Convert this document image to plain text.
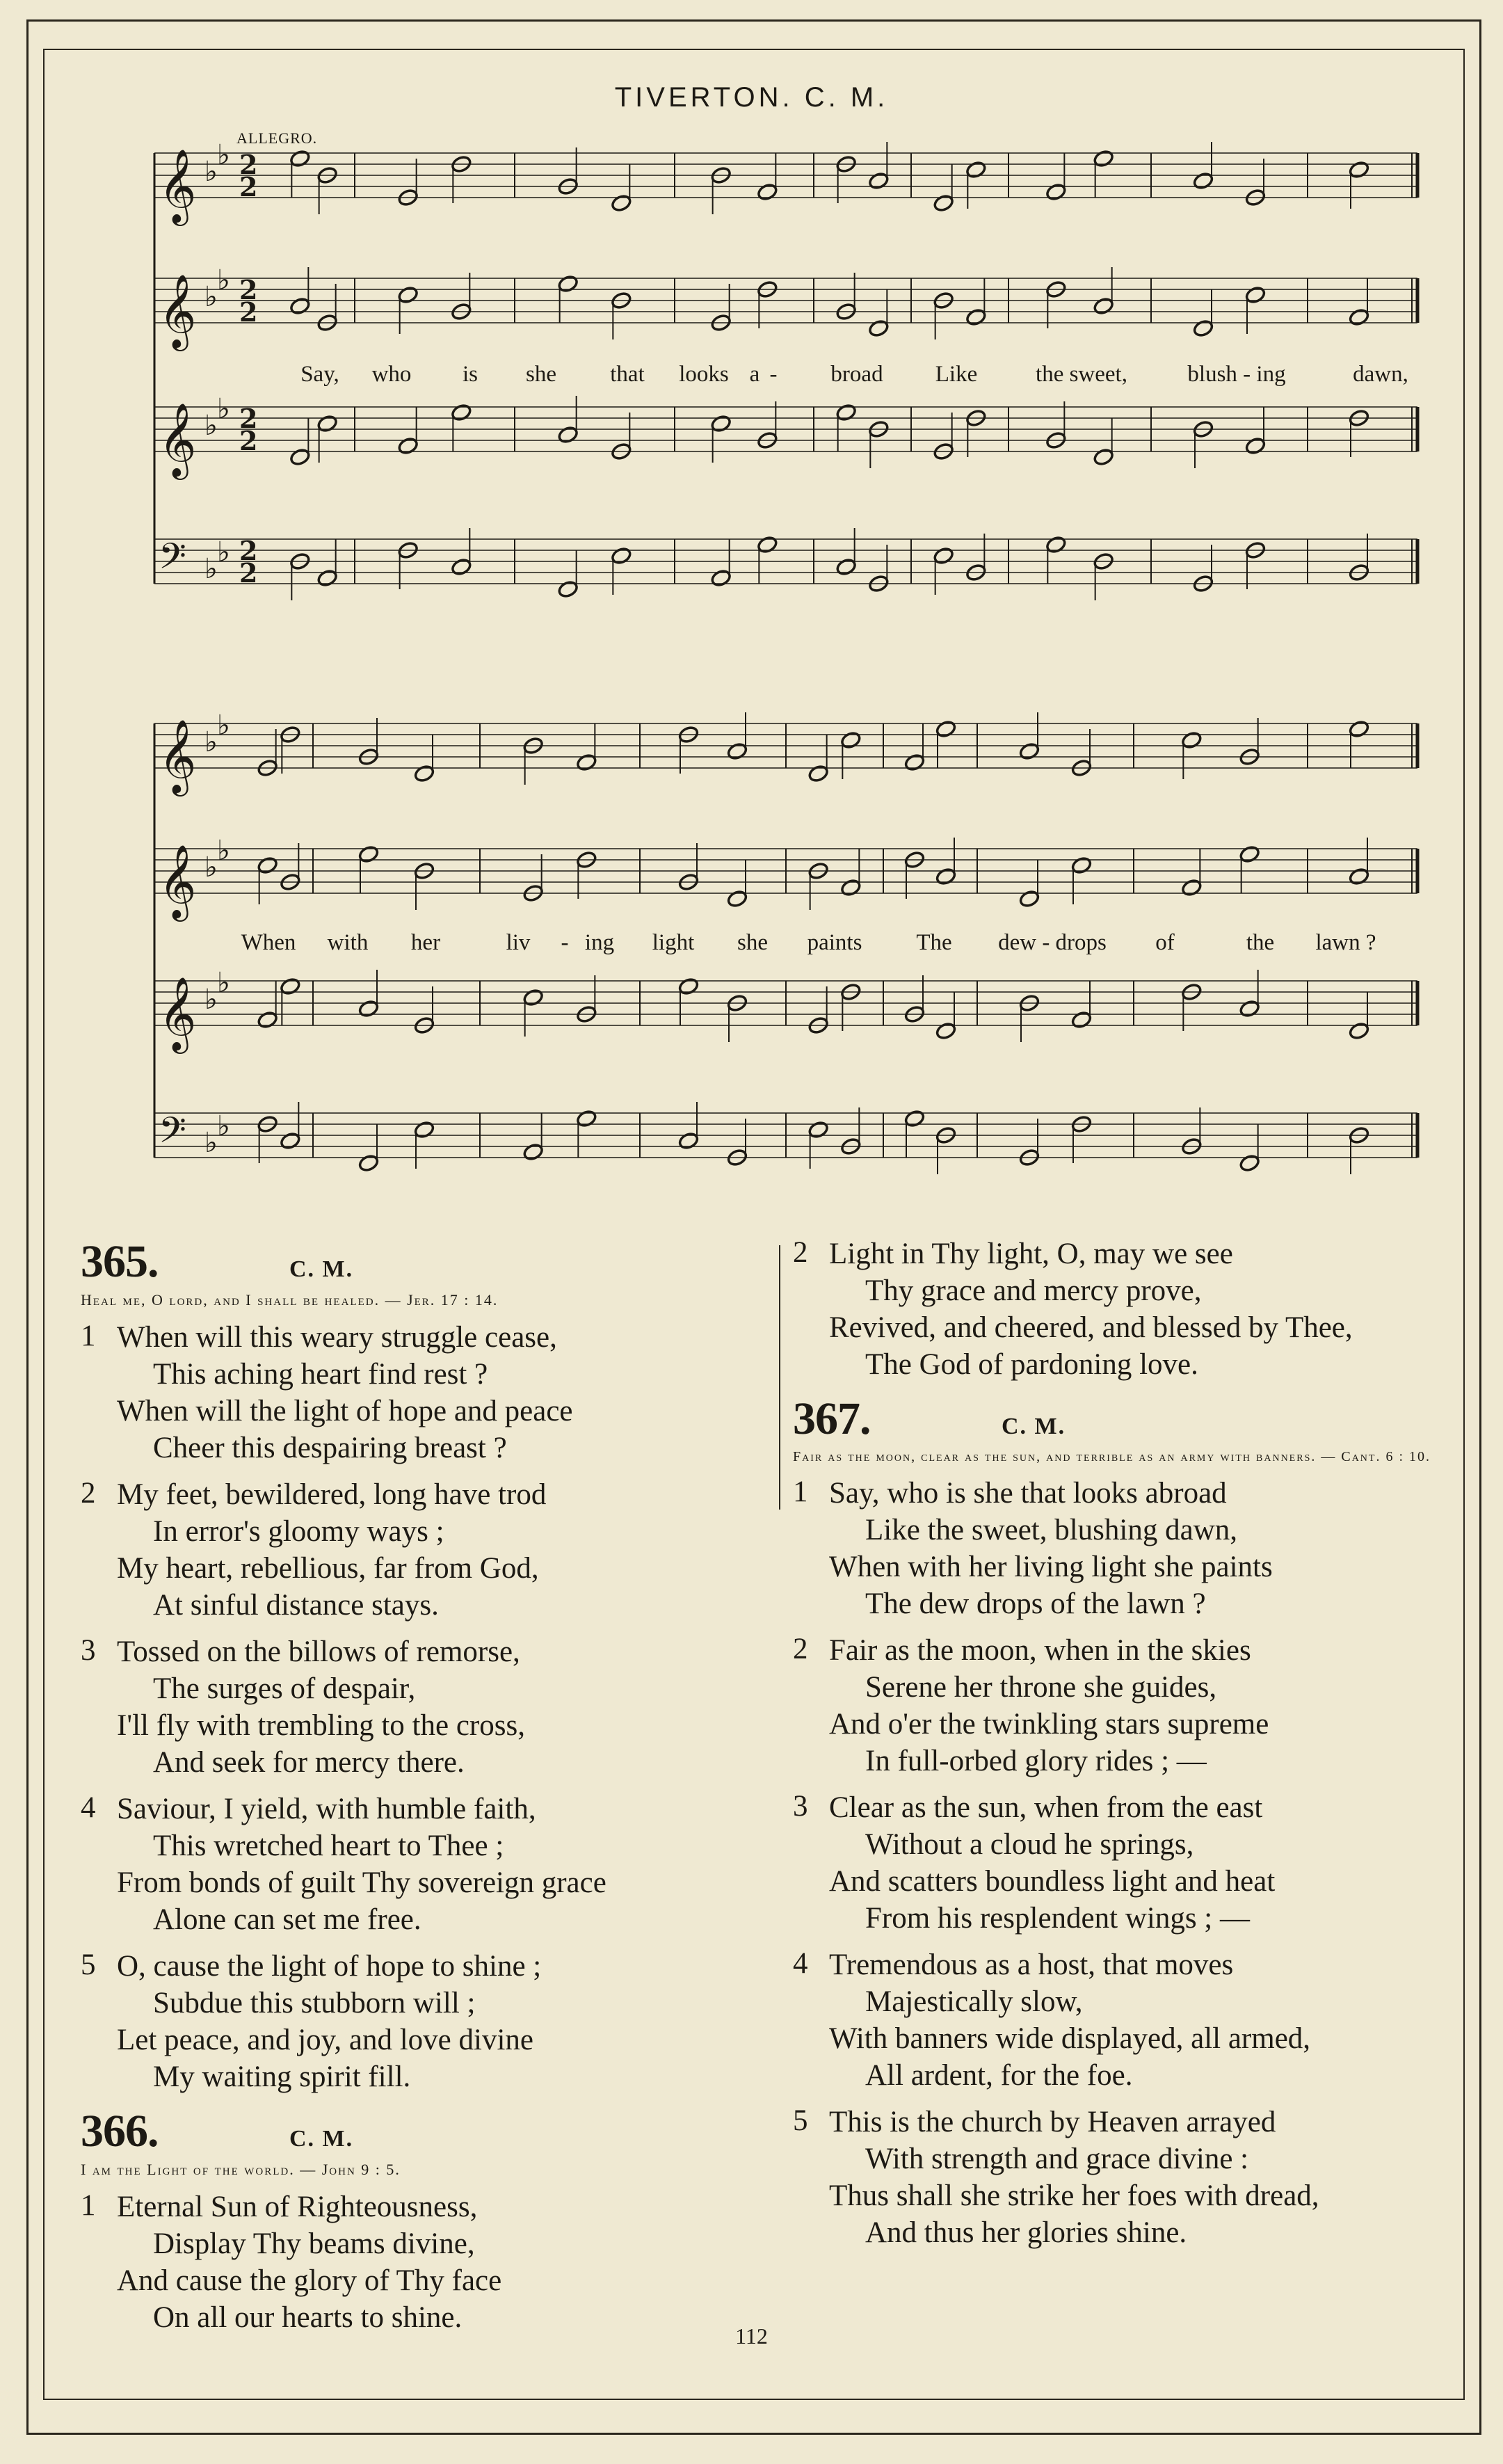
TIVERTON. C. M.
ALLEGRO.
𝄞 ♭
♭ 2
2
𝄞 ♭
♭ 2
2
𝄞 ♭
♭ 2
2
𝄢 ♭
♭ 2
2
𝄞 ♭
♭
𝄞 ♭
♭
𝄞 ♭
♭
𝄢 ♭
♭
Say, who is she that looks a - broad Like	the sweet,	blush - ing	dawn,
When with her	liv - ing light she paints The dew - drops of	the lawn ?
365.	C. M.
Heal me, O lord, and I shall be healed. — Jer. 17 : 14.
1 When will this weary struggle cease,
This aching heart find rest ?
When will the light of hope and peace
Cheer this despairing breast ?
2 My feet, bewildered, long have trod
In error's gloomy ways ;
My heart, rebellious, far from God,
At sinful distance stays.
3 Tossed on the billows of remorse,
The surges of despair,
I'll fly with trembling to the cross,
And seek for mercy there.
4 Saviour, I yield, with humble faith,
This wretched heart to Thee ;
From bonds of guilt Thy sovereign grace
Alone can set me free.
5 O, cause the light of hope to shine ;
Subdue this stubborn will ;
Let peace, and joy, and love divine
My waiting spirit fill.
366.	C. M.
I am the Light of the world. — John 9 : 5.
1 Eternal Sun of Righteousness,
Display Thy beams divine,
And cause the glory of Thy face
On all our hearts to shine.
2 Light in Thy light, O, may we see
Thy grace and mercy prove,
Revived, and cheered, and blessed by Thee,
The God of pardoning love.
367.	C. M.
Fair as the moon, clear as the sun, and terrible as an army with banners. — Cant. 6 : 10.
1 Say, who is she that looks abroad
Like the sweet, blushing dawn,
When with her living light she paints
The dew drops of the lawn ?
2 Fair as the moon, when in the skies
Serene her throne she guides,
And o'er the twinkling stars supreme
In full-orbed glory rides ; —
3 Clear as the sun, when from the east
Without a cloud he springs,
And scatters boundless light and heat
From his resplendent wings ; —
4 Tremendous as a host, that moves
Majestically slow,
With banners wide displayed, all armed,
All ardent, for the foe.
5 This is the church by Heaven arrayed
With strength and grace divine :
Thus shall she strike her foes with dread,
And thus her glories shine.
112
